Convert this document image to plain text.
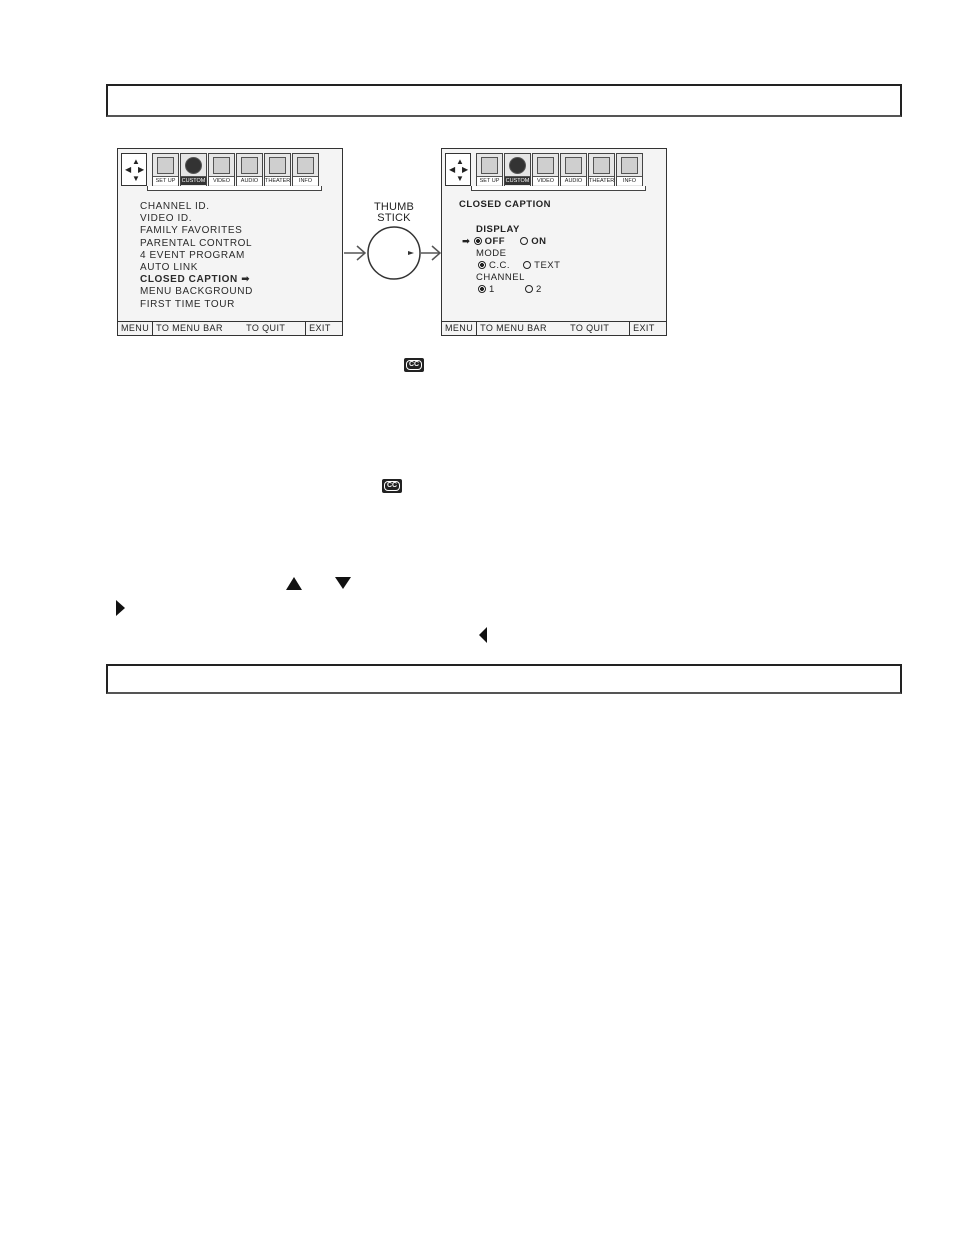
▲
◀ ▶
▼	SET UP	CUSTOM	VIDEO	AUDIO	THEATER	INFO
CHANNEL ID.
VIDEO ID.
FAMILY FAVORITES
PARENTAL CONTROL
4 EVENT PROGRAM
AUTO LINK
CLOSED CAPTION ➡
MENU BACKGROUND
FIRST TIME TOUR
MENU TO MENU BAR	TO QUIT	EXIT
THUMB
STICK
▲
◀ ▶
▼	SET UP	CUSTOM	VIDEO	AUDIO	THEATER	INFO
CLOSED CAPTION
DISPLAY
➡ OFF	ON
MODE
C.C.	TEXT
CHANNEL
1	2
MENU TO MENU BAR	TO QUIT	EXIT
CC
CC
